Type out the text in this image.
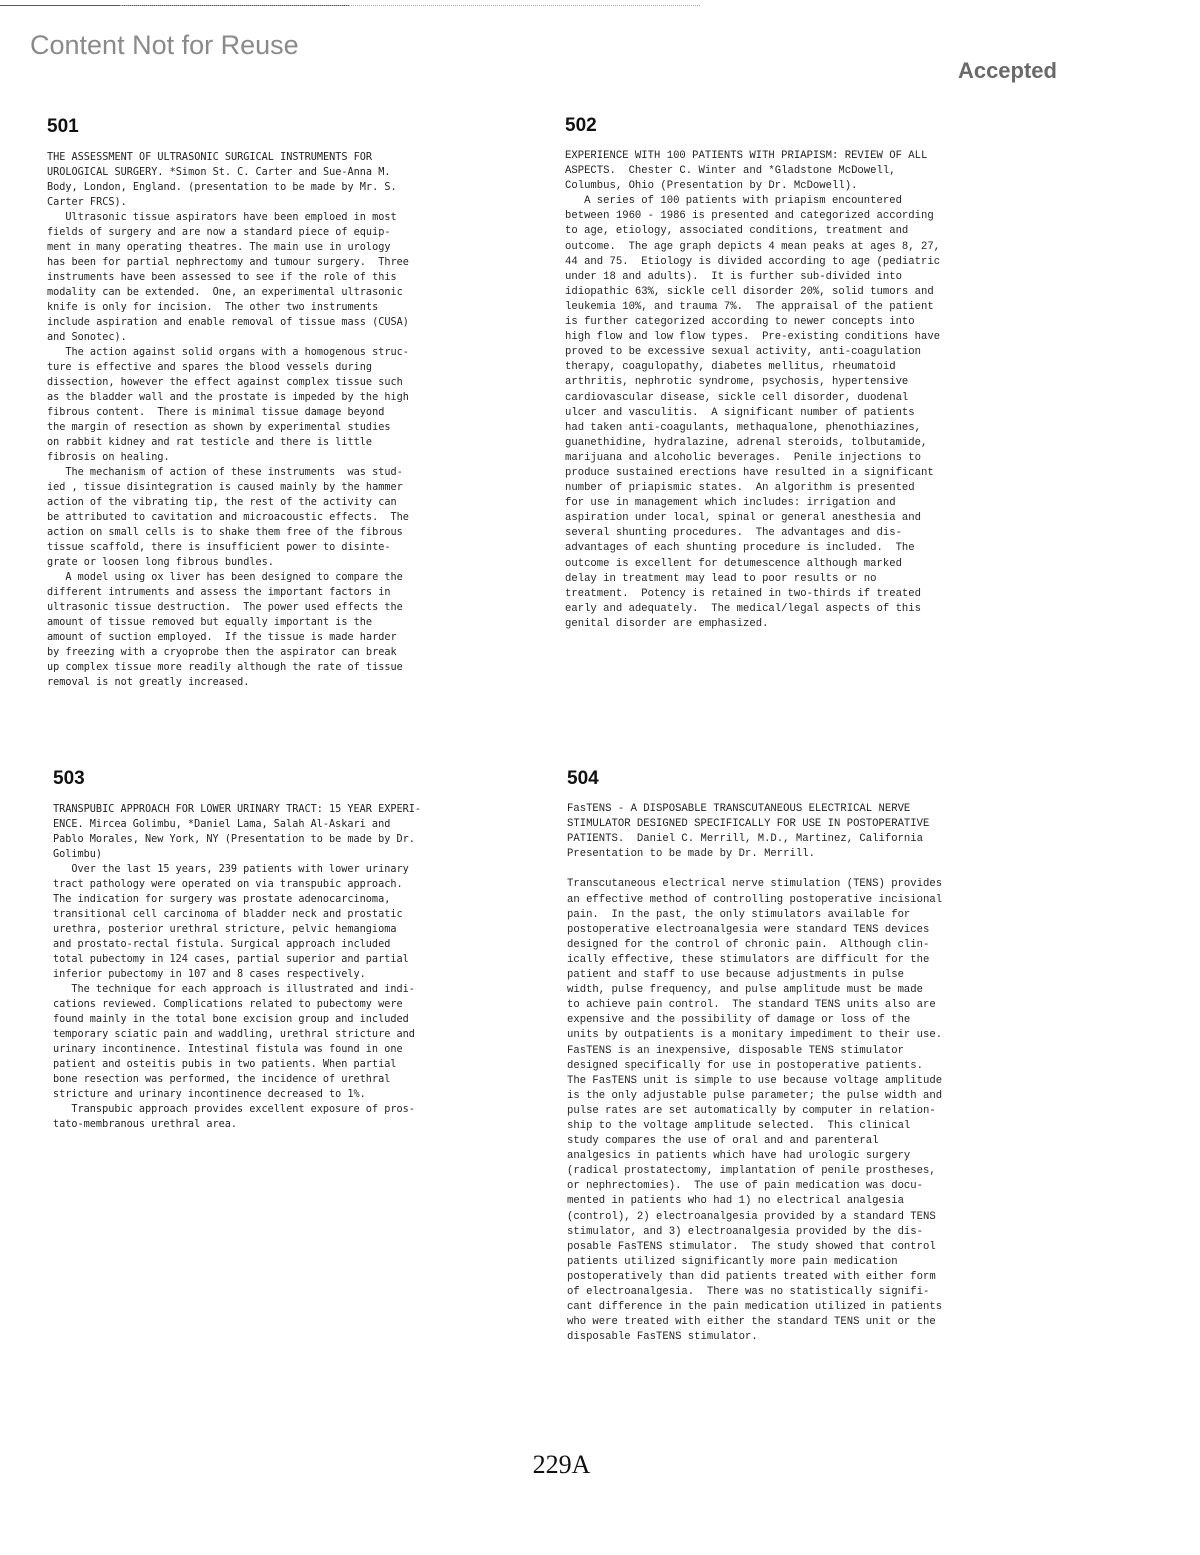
Content Not for Reuse
Accepted
501
THE ASSESSMENT OF ULTRASONIC SURGICAL INSTRUMENTS FOR
UROLOGICAL SURGERY. *Simon St. C. Carter and Sue-Anna M.
Body, London, England. (presentation to be made by Mr. S.
Carter FRCS).
Ultrasonic tissue aspirators have been emploed in most
fields of surgery and are now a standard piece of equip-
ment in many operating theatres. The main use in urology
has been for partial nephrectomy and tumour surgery.  Three
instruments have been assessed to see if the role of this
modality can be extended.  One, an experimental ultrasonic
knife is only for incision.  The other two instruments
include aspiration and enable removal of tissue mass (CUSA)
and Sonotec).
The action against solid organs with a homogenous struc-
ture is effective and spares the blood vessels during
dissection, however the effect against complex tissue such
as the bladder wall and the prostate is impeded by the high
fibrous content.  There is minimal tissue damage beyond
the margin of resection as shown by experimental studies
on rabbit kidney and rat testicle and there is little
fibrosis on healing.
The mechanism of action of these instruments  was stud-
ied , tissue disintegration is caused mainly by the hammer
action of the vibrating tip, the rest of the activity can
be attributed to cavitation and microacoustic effects.  The
action on small cells is to shake them free of the fibrous
tissue scaffold, there is insufficient power to disinte-
grate or loosen long fibrous bundles.
A model using ox liver has been designed to compare the
different intruments and assess the important factors in
ultrasonic tissue destruction.  The power used effects the
amount of tissue removed but equally important is the
amount of suction employed.  If the tissue is made harder
by freezing with a cryoprobe then the aspirator can break
up complex tissue more readily although the rate of tissue
removal is not greatly increased.
502
EXPERIENCE WITH 100 PATIENTS WITH PRIAPISM: REVIEW OF ALL
ASPECTS.  Chester C. Winter and *Gladstone McDowell,
Columbus, Ohio (Presentation by Dr. McDowell).
A series of 100 patients with priapism encountered
between 1960 - 1986 is presented and categorized according
to age, etiology, associated conditions, treatment and
outcome.  The age graph depicts 4 mean peaks at ages 8, 27,
44 and 75.  Etiology is divided according to age (pediatric
under 18 and adults).  It is further sub-divided into
idiopathic 63%, sickle cell disorder 20%, solid tumors and
leukemia 10%, and trauma 7%.  The appraisal of the patient
is further categorized according to newer concepts into
high flow and low flow types.  Pre-existing conditions have
proved to be excessive sexual activity, anti-coagulation
therapy, coagulopathy, diabetes mellitus, rheumatoid
arthritis, nephrotic syndrome, psychosis, hypertensive
cardiovascular disease, sickle cell disorder, duodenal
ulcer and vasculitis.  A significant number of patients
had taken anti-coagulants, methaqualone, phenothiazines,
guanethidine, hydralazine, adrenal steroids, tolbutamide,
marijuana and alcoholic beverages.  Penile injections to
produce sustained erections have resulted in a significant
number of priapismic states.  An algorithm is presented
for use in management which includes: irrigation and
aspiration under local, spinal or general anesthesia and
several shunting procedures.  The advantages and dis-
advantages of each shunting procedure is included.  The
outcome is excellent for detumescence although marked
delay in treatment may lead to poor results or no
treatment.  Potency is retained in two-thirds if treated
early and adequately.  The medical/legal aspects of this
genital disorder are emphasized.
503
TRANSPUBIC APPROACH FOR LOWER URINARY TRACT: 15 YEAR EXPERI-
ENCE. Mircea Golimbu, *Daniel Lama, Salah Al-Askari and
Pablo Morales, New York, NY (Presentation to be made by Dr.
Golimbu)
Over the last 15 years, 239 patients with lower urinary
tract pathology were operated on via transpubic approach.
The indication for surgery was prostate adenocarcinoma,
transitional cell carcinoma of bladder neck and prostatic
urethra, posterior urethral stricture, pelvic hemangioma
and prostato-rectal fistula. Surgical approach included
total pubectomy in 124 cases, partial superior and partial
inferior pubectomy in 107 and 8 cases respectively.
The technique for each approach is illustrated and indi-
cations reviewed. Complications related to pubectomy were
found mainly in the total bone excision group and included
temporary sciatic pain and waddling, urethral stricture and
urinary incontinence. Intestinal fistula was found in one
patient and osteitis pubis in two patients. When partial
bone resection was performed, the incidence of urethral
stricture and urinary incontinence decreased to 1%.
Transpubic approach provides excellent exposure of pros-
tato-membranous urethral area.
504
FasTENS - A DISPOSABLE TRANSCUTANEOUS ELECTRICAL NERVE
STIMULATOR DESIGNED SPECIFICALLY FOR USE IN POSTOPERATIVE
PATIENTS.  Daniel C. Merrill, M.D., Martinez, California
Presentation to be made by Dr. Merrill.

Transcutaneous electrical nerve stimulation (TENS) provides
an effective method of controlling postoperative incisional
pain.  In the past, the only stimulators available for
postoperative electroanalgesia were standard TENS devices
designed for the control of chronic pain.  Although clin-
ically effective, these stimulators are difficult for the
patient and staff to use because adjustments in pulse
width, pulse frequency, and pulse amplitude must be made
to achieve pain control.  The standard TENS units also are
expensive and the possibility of damage or loss of the
units by outpatients is a monitary impediment to their use.
FasTENS is an inexpensive, disposable TENS stimulator
designed specifically for use in postoperative patients.
The FasTENS unit is simple to use because voltage amplitude
is the only adjustable pulse parameter; the pulse width and
pulse rates are set automatically by computer in relation-
ship to the voltage amplitude selected.  This clinical
study compares the use of oral and and parenteral
analgesics in patients which have had urologic surgery
(radical prostatectomy, implantation of penile prostheses,
or nephrectomies).  The use of pain medication was docu-
mented in patients who had 1) no electrical analgesia
(control), 2) electroanalgesia provided by a standard TENS
stimulator, and 3) electroanalgesia provided by the dis-
posable FasTENS stimulator.  The study showed that control
patients utilized significantly more pain medication
postoperatively than did patients treated with either form
of electroanalgesia.  There was no statistically signifi-
cant difference in the pain medication utilized in patients
who were treated with either the standard TENS unit or the
disposable FasTENS stimulator.
229A
